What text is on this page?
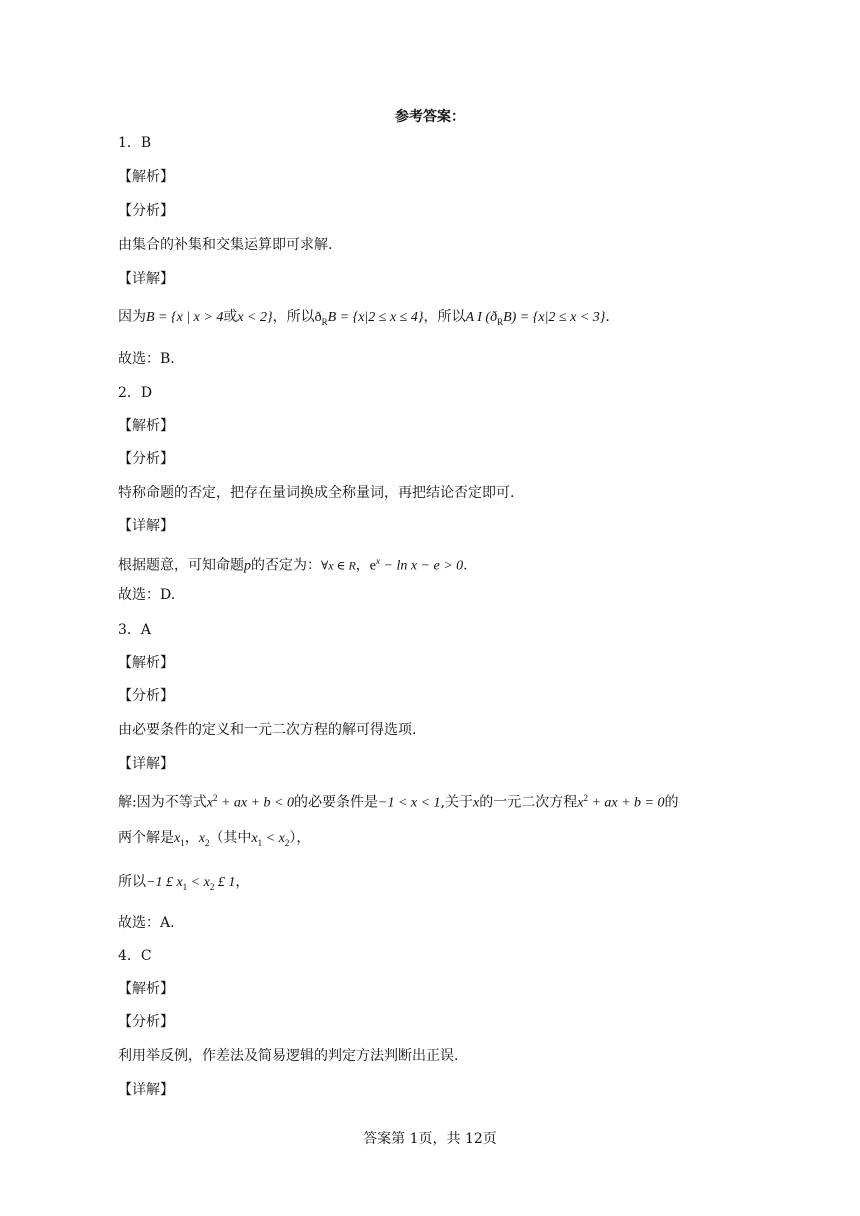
参考答案：
1．B
【解析】
【分析】
由集合的补集和交集运算即可求解.
【详解】
因为B = {x | x > 4或x < 2}，所以$ð_RB = \{x|2 \le x \le 4\}$，所以A I $(ð_RB) = \{x|2 \le x < 3\}$.
故选：B.
2．D
【解析】
【分析】
特称命题的否定，把存在量词换成全称量词，再把结论否定即可.
【详解】
根据题意，可知命题p的否定为：∀x ∈ R，$e^x - \ln x - e > 0$.
故选：D.
3．A
【解析】
【分析】
由必要条件的定义和一元二次方程的解可得选项.
【详解】
解:因为不等式$x^2$ + ax + b < 0的必要条件是−1 < x < 1,关于x的一元二次方程$x^2$ + ax + b = 0的
两个解是$x_1$，$x_2$（其中$x_1 < x_2$），
所以−1 £ $x_1 < x_2$ £ 1，
故选：A.
4．C
【解析】
【分析】
利用举反例，作差法及简易逻辑的判定方法判断出正误.
【详解】
答案第 1页，共 12页
